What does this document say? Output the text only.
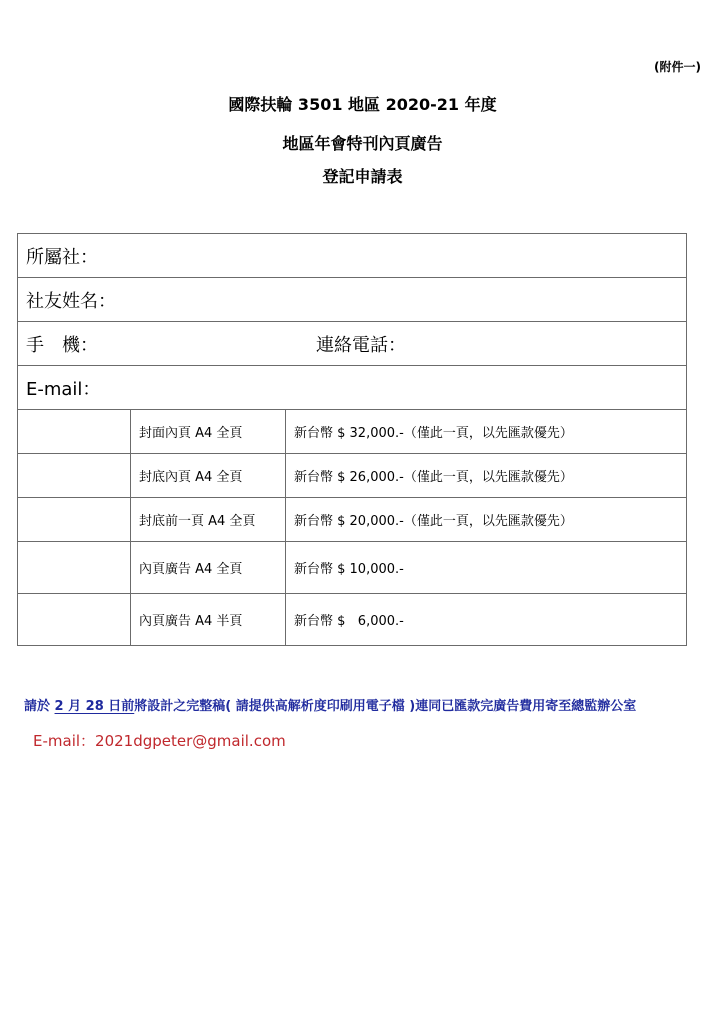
(附件一)
國際扶輪 3501 地區 2020-21 年度
地區年會特刊內頁廣告
登記申請表
所屬社：		
社友姓名：		
手　機： 連絡電話：		

E-mail：		
	封面內頁 A4 全頁	新台幣 $ 32,000.-（僅此一頁，以先匯款優先）
	封底內頁 A4 全頁	新台幣 $ 26,000.-（僅此一頁，以先匯款優先）
	封底前一頁 A4 全頁	新台幣 $ 20,000.-（僅此一頁，以先匯款優先）
	內頁廣告 A4 全頁	新台幣 $ 10,000.-
	內頁廣告 A4 半頁	新台幣 $   6,000.-
請於 2 月 28 日前將設計之完整稿( 請提供高解析度印刷用電子檔 )連同已匯款完廣告費用寄至總監辦公室
E-mail：2021dgpeter@gmail.com
